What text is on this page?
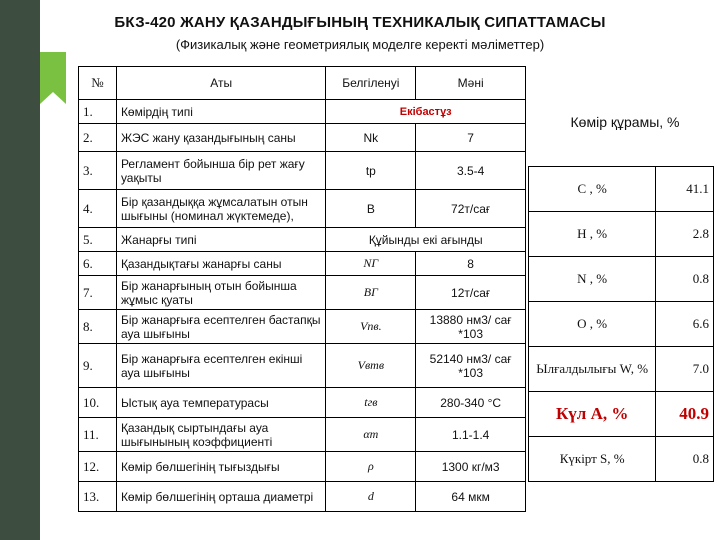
БКЗ-420 ЖАНУ ҚАЗАНДЫҒЫНЫҢ ТЕХНИКАЛЫҚ СИПАТТАМАСЫ
(Физикалық және геометриялық моделге керекті мәліметтер)
№	Аты	Белгіленуі	Мәні
1.	Көмірдің типі	Екібастұз	
2.	ЖЭС жану қазандығының саны	Nk	7
3.	Регламент бойынша бір рет жағу уақыты	tp	3.5-4
4.	Бір қазандыққа жұмсалатын отын шығыны (номинал жүктемеде),	B	72т/сағ
5.	Жанарғы типі	Құйынды екі ағынды	
6.	Қазандықтағы жанарғы саны	NГ	8
7.	Бір жанарғының отын бойынша жұмыс қуаты	BГ	12т/сағ
8.	Бір жанарғыға есептелген бастапқы ауа шығыны	Vпв.	13880 нм3/ сағ *103
9.	Бір жанарғыға есептелген екінші ауа шығыны	Vвтв	52140 нм3/ сағ *103
10.	Ыстық ауа температурасы	tгв	280-340 °С
11.	Қазандық сыртындағы ауа шығынының коэффициенті	αт	1.1-1.4
12.	Көмір бөлшегінің тығыздығы	ρ	1300 кг/м3
13.	Көмір бөлшегінің орташа диаметрі	d	64 мкм
Көмір құрамы, %
C , %	41.1
H , %	2.8
N , %	0.8
O , %	6.6
Ылғалдылығы W, %	7.0
Күл A, %	40.9
Күкірт S, %	0.8
